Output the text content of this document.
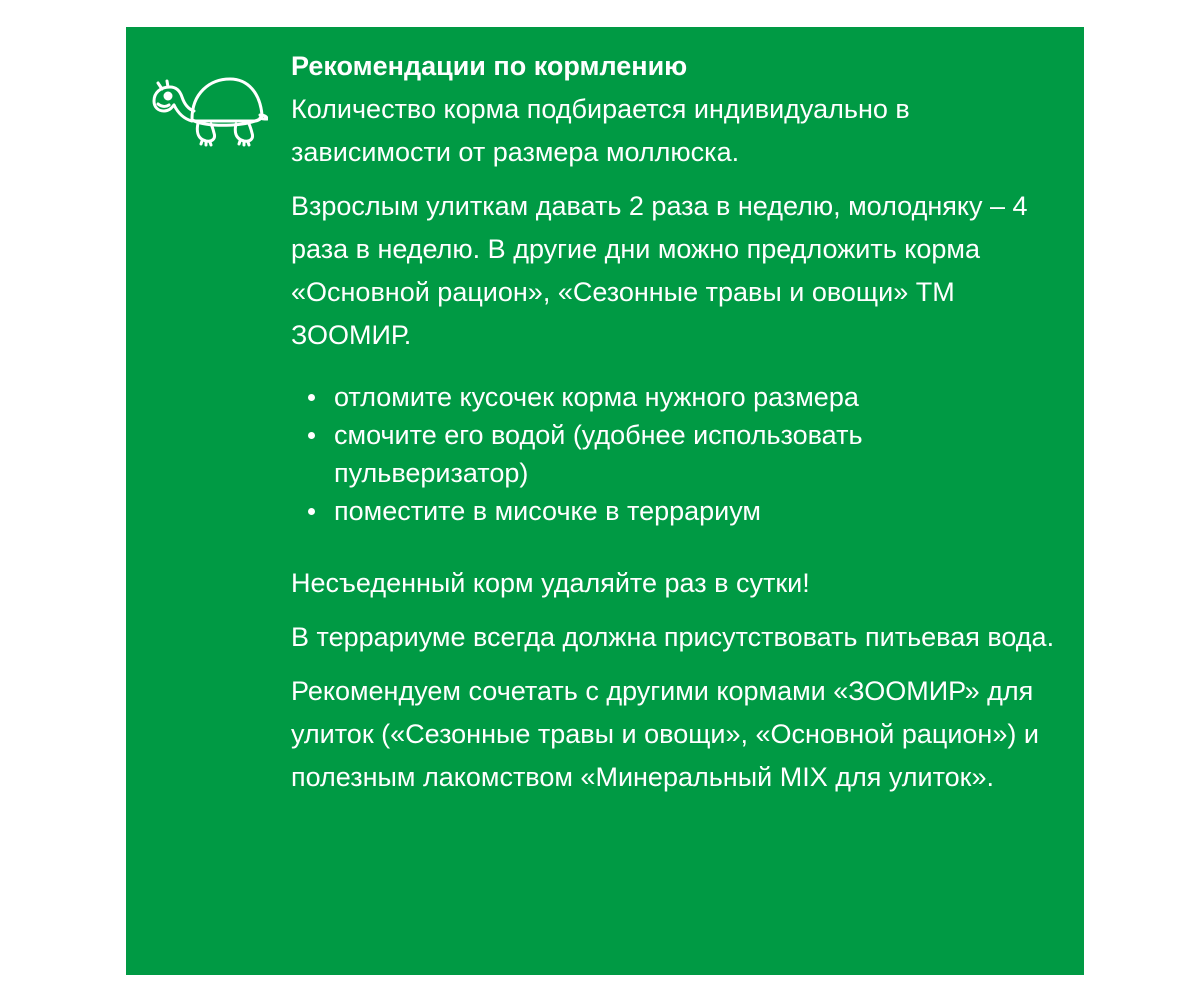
Рекомендации по кормлению

Количество корма подбирается индивидуально в зависимости от размера моллюска.

Взрослым улиткам давать 2 раза в неделю, молодняку – 4 раза в неделю. В другие дни можно предложить корма «Основной рацион», «Сезонные травы и овощи» ТМ ЗООМИР.

отломите кусочек корма нужного размера
смочите его водой (удобнее использовать пульверизатор)
поместите в мисочке в террариум

Несъеденный корм удаляйте раз в сутки!

В террариуме всегда должна присутствовать питьевая вода.

Рекомендуем сочетать с другими кормами «ЗООМИР» для улиток («Сезонные травы и овощи», «Основной рацион») и полезным лакомством «Минеральный MIX для улиток».
